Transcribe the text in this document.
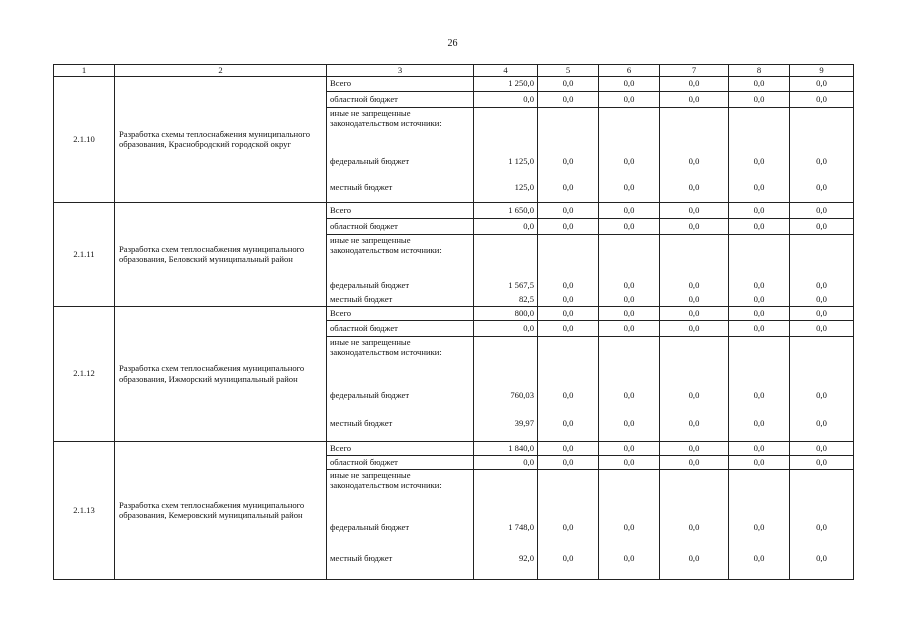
26
1	2	3	4	5	6	7	8	9
2.1.10	Разработка схемы теплоснабжения муниципального образования, Краснобродский городской округ	Всего	1 250,0	0,0	0,0	0,0	0,0	0,0
		областной бюджет	0,0	0,0	0,0	0,0	0,0	0,0
		иные не запрещенные законодательством источники:						
		федеральный бюджет	1 125,0	0,0	0,0	0,0	0,0	0,0
		местный бюджет	125,0	0,0	0,0	0,0	0,0	0,0
2.1.11	Разработка схем теплоснабжения муниципального образования, Беловский муниципальный район	Всего	1 650,0	0,0	0,0	0,0	0,0	0,0
		областной бюджет	0,0	0,0	0,0	0,0	0,0	0,0
		иные не запрещенные законодательством источники:						
		федеральный бюджет	1 567,5	0,0	0,0	0,0	0,0	0,0
		местный бюджет	82,5	0,0	0,0	0,0	0,0	0,0
2.1.12	Разработка схем теплоснабжения муниципального образования, Ижморский муниципальный район	Всего	800,0	0,0	0,0	0,0	0,0	0,0
		областной бюджет	0,0	0,0	0,0	0,0	0,0	0,0
		иные не запрещенные законодательством источники:						
		федеральный бюджет	760,03	0,0	0,0	0,0	0,0	0,0
		местный бюджет	39,97	0,0	0,0	0,0	0,0	0,0
2.1.13	Разработка схем теплоснабжения муниципального образования, Кемеровский муниципальный район	Всего	1 840,0	0,0	0,0	0,0	0,0	0,0
		областной бюджет	0,0	0,0	0,0	0,0	0,0	0,0
		иные не запрещенные законодательством источники:						
		федеральный бюджет	1 748,0	0,0	0,0	0,0	0,0	0,0
		местный бюджет	92,0	0,0	0,0	0,0	0,0	0,0
